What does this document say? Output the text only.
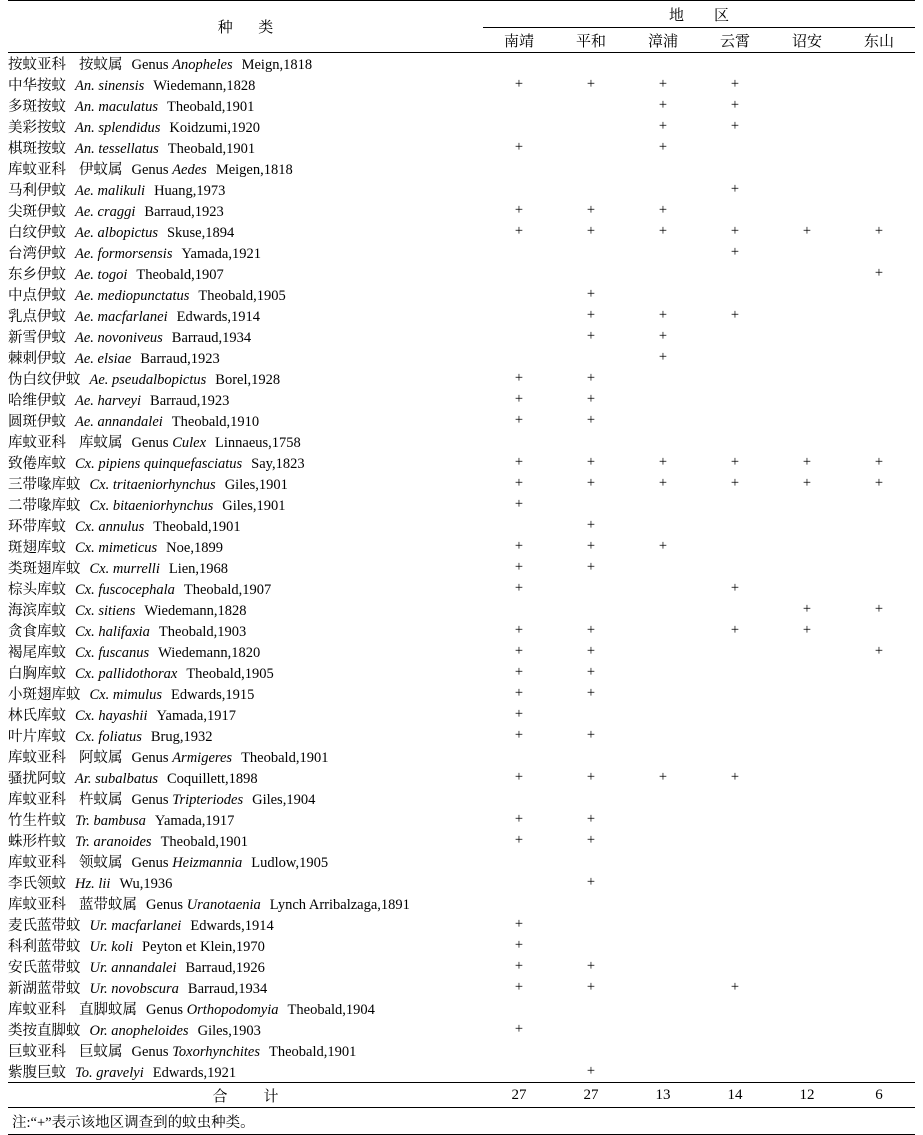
种　类	地　区					
	南靖	平和	漳浦	云霄	诏安	东山
按蚊亚科 按蚊属 Genus Anopheles Meign,1818						
中华按蚊 An. sinensis Wiedemann,1828	+	+	+	+		
多斑按蚊 An. maculatus Theobald,1901			+	+		
美彩按蚊 An. splendidus Koidzumi,1920			+	+		
棋斑按蚊 An. tessellatus Theobald,1901	+		+			
库蚊亚科 伊蚊属 Genus Aedes Meigen,1818						
马利伊蚊 Ae. malikuli Huang,1973				+		
尖斑伊蚊 Ae. craggi Barraud,1923	+	+	+			
白纹伊蚊 Ae. albopictus Skuse,1894	+	+	+	+	+	+
台湾伊蚊 Ae. formorsensis Yamada,1921				+		
东乡伊蚊 Ae. togoi Theobald,1907						+
中点伊蚊 Ae. mediopunctatus Theobald,1905		+				
乳点伊蚊 Ae. macfarlanei Edwards,1914		+	+	+		
新雪伊蚊 Ae. novoniveus Barraud,1934		+	+			
棘刺伊蚊 Ae. elsiae Barraud,1923			+			
伪白纹伊蚊 Ae. pseudalbopictus Borel,1928	+	+				
哈维伊蚊 Ae. harveyi Barraud,1923	+	+				
圆斑伊蚊 Ae. annandalei Theobald,1910	+	+				
库蚊亚科 库蚊属 Genus Culex Linnaeus,1758						
致倦库蚊 Cx. pipiens quinquefasciatus Say,1823	+	+	+	+	+	+
三带喙库蚊 Cx. tritaeniorhynchus Giles,1901	+	+	+	+	+	+
二带喙库蚊 Cx. bitaeniorhynchus Giles,1901	+					
环带库蚊 Cx. annulus Theobald,1901		+				
斑翅库蚊 Cx. mimeticus Noe,1899	+	+	+			
类斑翅库蚊 Cx. murrelli Lien,1968	+	+				
棕头库蚊 Cx. fuscocephala Theobald,1907	+			+		
海滨库蚊 Cx. sitiens Wiedemann,1828					+	+
贪食库蚊 Cx. halifaxia Theobald,1903	+	+		+	+	
褐尾库蚊 Cx. fuscanus Wiedemann,1820	+	+				+
白胸库蚊 Cx. pallidothorax Theobald,1905	+	+				
小斑翅库蚊 Cx. mimulus Edwards,1915	+	+				
林氏库蚊 Cx. hayashii Yamada,1917	+					
叶片库蚊 Cx. foliatus Brug,1932	+	+				
库蚊亚科 阿蚊属 Genus Armigeres Theobald,1901						
骚扰阿蚊 Ar. subalbatus Coquillett,1898	+	+	+	+		
库蚊亚科 杵蚊属 Genus Tripteriodes Giles,1904						
竹生杵蚊 Tr. bambusa Yamada,1917	+	+				
蛛形杵蚊 Tr. aranoides Theobald,1901	+	+				
库蚊亚科 领蚊属 Genus Heizmannia Ludlow,1905						
李氏领蚊 Hz. lii Wu,1936		+				
库蚊亚科 蓝带蚊属 Genus Uranotaenia Lynch Arribalzaga,1891						
麦氏蓝带蚊 Ur. macfarlanei Edwards,1914	+					
科利蓝带蚊 Ur. koli Peyton et Klein,1970	+					
安氏蓝带蚊 Ur. annandalei Barraud,1926	+	+				
新湖蓝带蚊 Ur. novobscura Barraud,1934	+	+		+		
库蚊亚科 直脚蚊属 Genus Orthopodomyia Theobald,1904						
类按直脚蚊 Or. anopheloides Giles,1903	+					
巨蚊亚科 巨蚊属 Genus Toxorhynchites Theobald,1901						
紫腹巨蚊 To. gravelyi Edwards,1921		+				
合　计	27	27	13	14	12	6
注:“+”表示该地区调查到的蚊虫种类。
